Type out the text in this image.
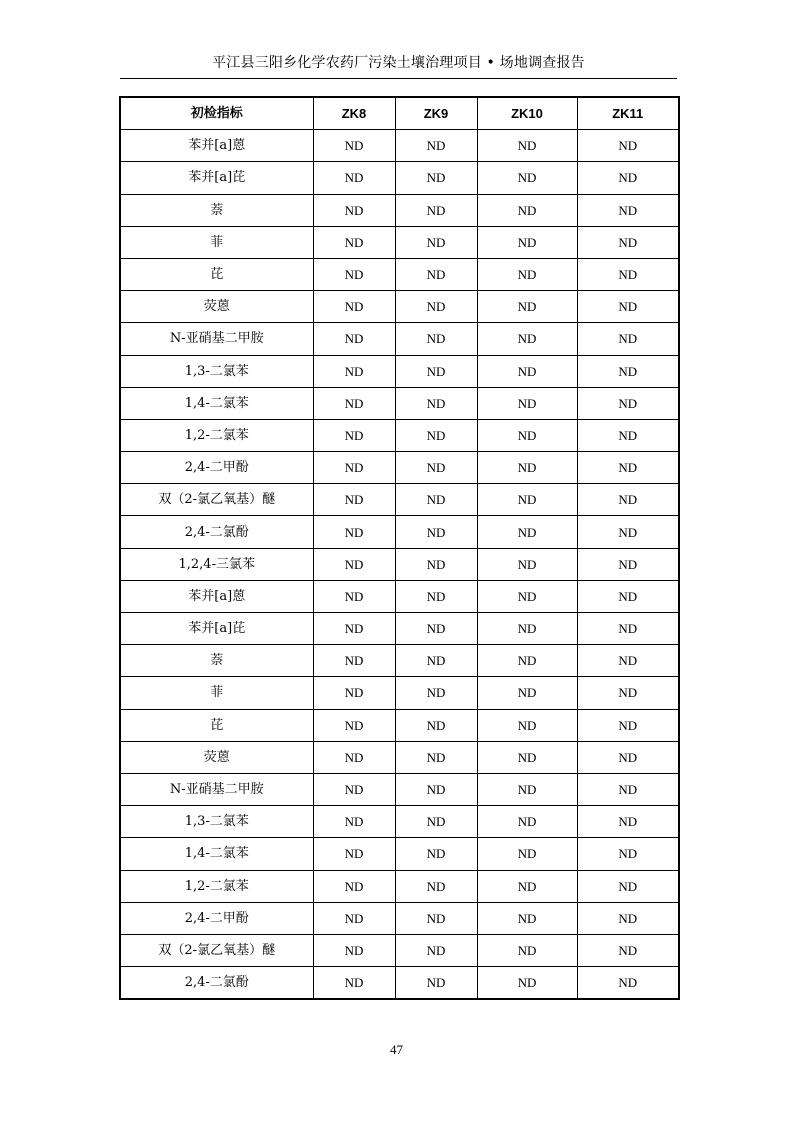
平江县三阳乡化学农药厂污染土壤治理项目 • 场地调查报告
初检指标	ZK8	ZK9	ZK10	ZK11
苯并[a]蒽	ND	ND	ND	ND
苯并[a]芘	ND	ND	ND	ND
萘	ND	ND	ND	ND
菲	ND	ND	ND	ND
芘	ND	ND	ND	ND
荧蒽	ND	ND	ND	ND
N-亚硝基二甲胺	ND	ND	ND	ND
1,3-二氯苯	ND	ND	ND	ND
1,4-二氯苯	ND	ND	ND	ND
1,2-二氯苯	ND	ND	ND	ND
2,4-二甲酚	ND	ND	ND	ND
双（2-氯乙氧基）醚	ND	ND	ND	ND
2,4-二氯酚	ND	ND	ND	ND
1,2,4-三氯苯	ND	ND	ND	ND
苯并[a]蒽	ND	ND	ND	ND
苯并[a]芘	ND	ND	ND	ND
萘	ND	ND	ND	ND
菲	ND	ND	ND	ND
芘	ND	ND	ND	ND
荧蒽	ND	ND	ND	ND
N-亚硝基二甲胺	ND	ND	ND	ND
1,3-二氯苯	ND	ND	ND	ND
1,4-二氯苯	ND	ND	ND	ND
1,2-二氯苯	ND	ND	ND	ND
2,4-二甲酚	ND	ND	ND	ND
双（2-氯乙氧基）醚	ND	ND	ND	ND
2,4-二氯酚	ND	ND	ND	ND
47
